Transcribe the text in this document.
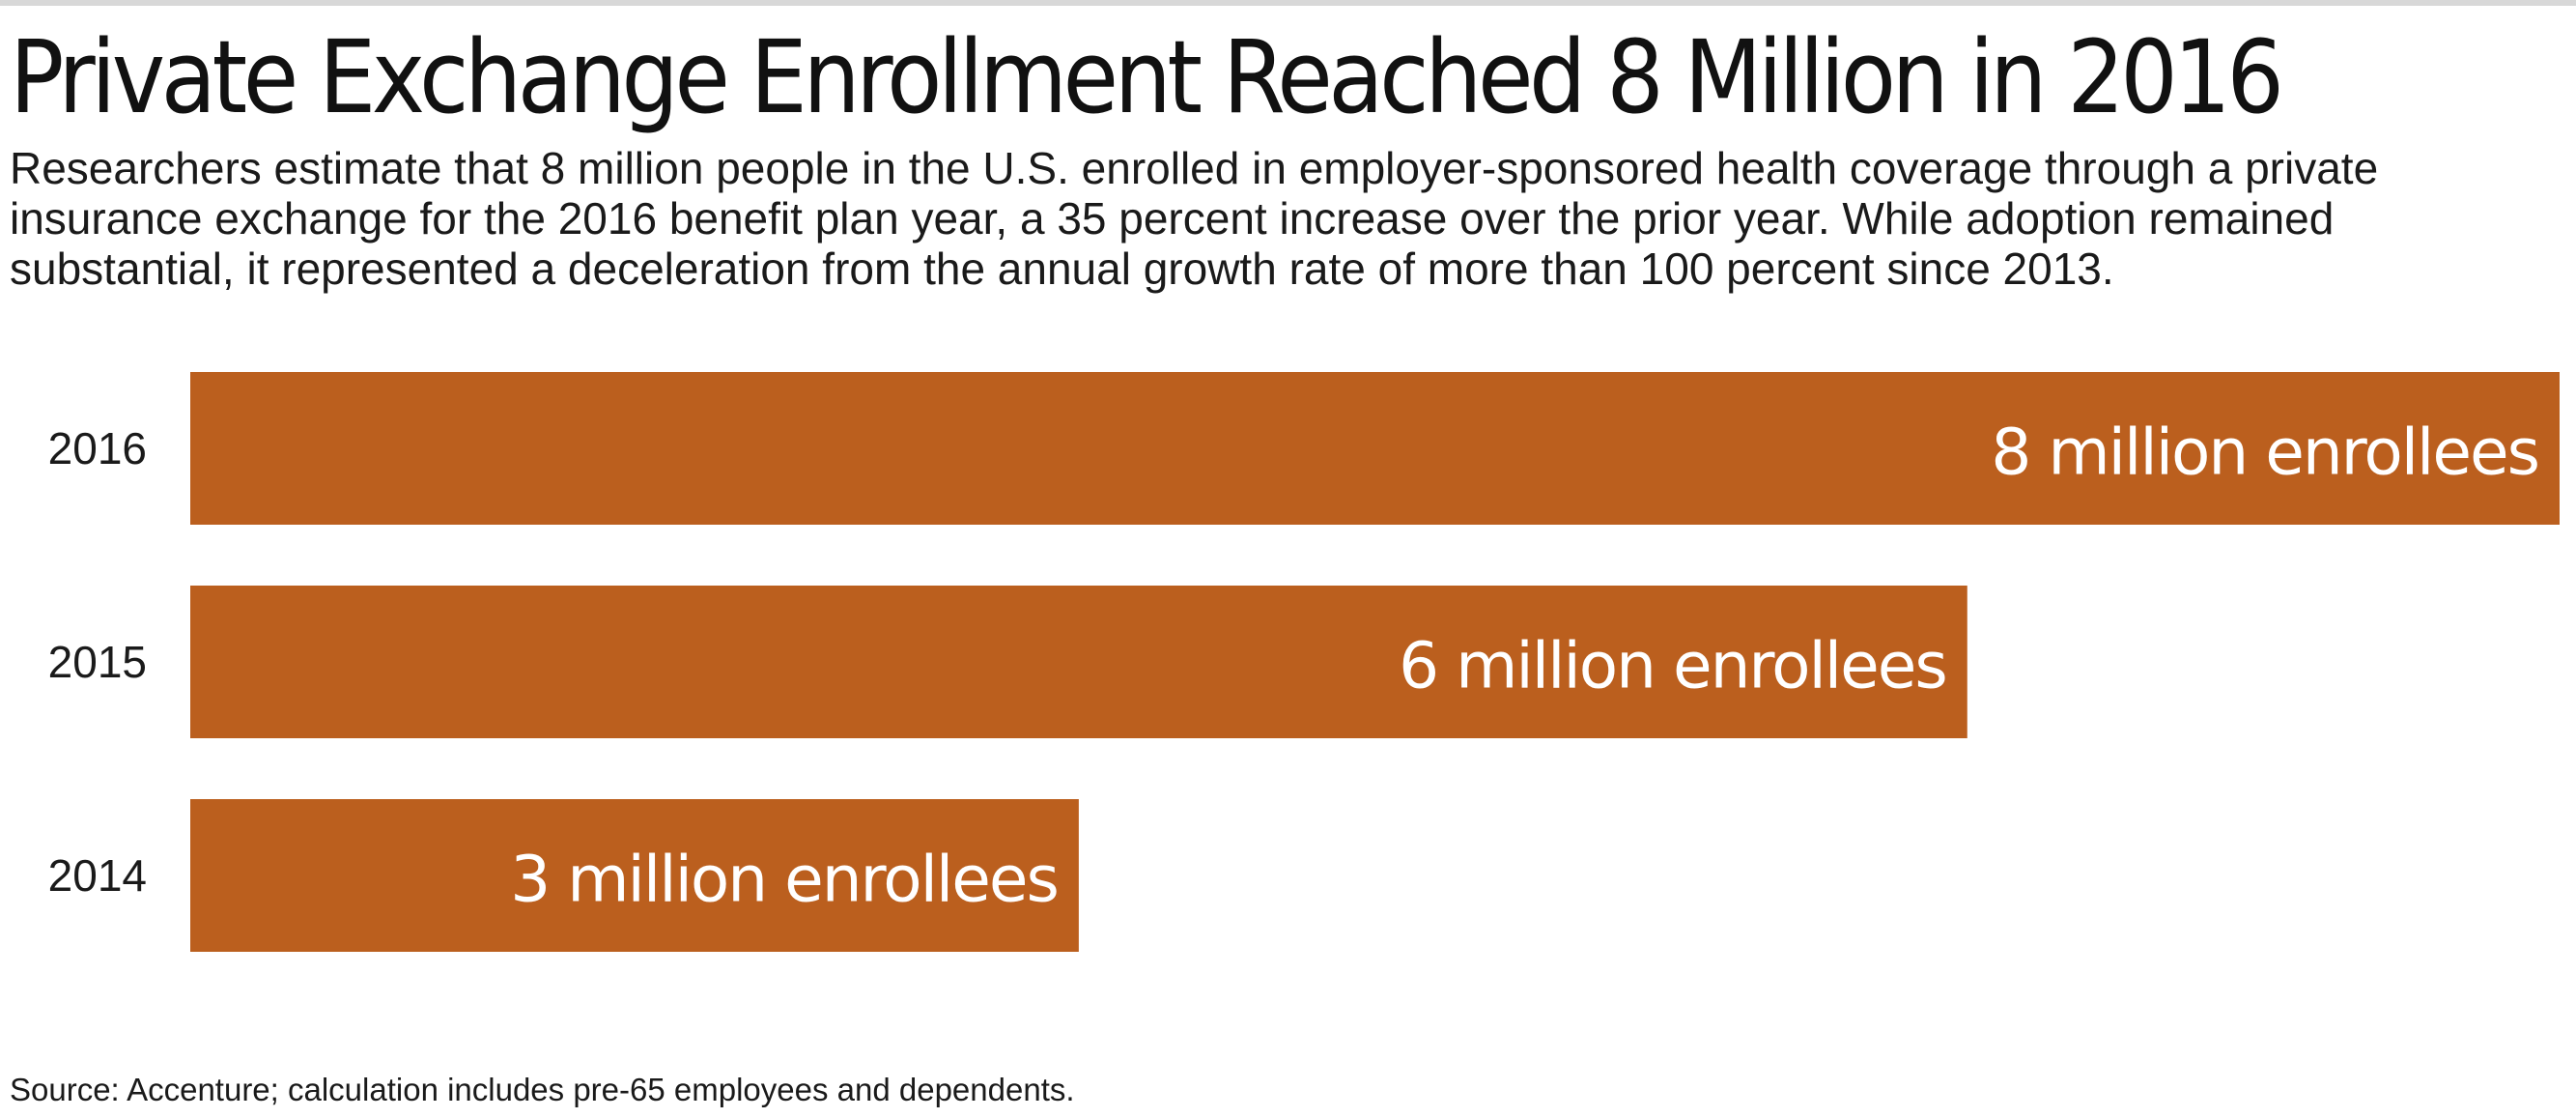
Private Exchange Enrollment Reached 8 Million in 2016

Researchers estimate that 8 million people in the U.S. enrolled in employer-sponsored health coverage through a private insurance exchange for the 2016 benefit plan year, a 35 percent increase over the prior year. While adoption remained substantial, it represented a deceleration from the annual growth rate of more than 100 percent since 2013.

2016	8 million enrollees
2015	6 million enrollees
2014	3 million enrollees

Source: Accenture; calculation includes pre-65 employees and dependents.
